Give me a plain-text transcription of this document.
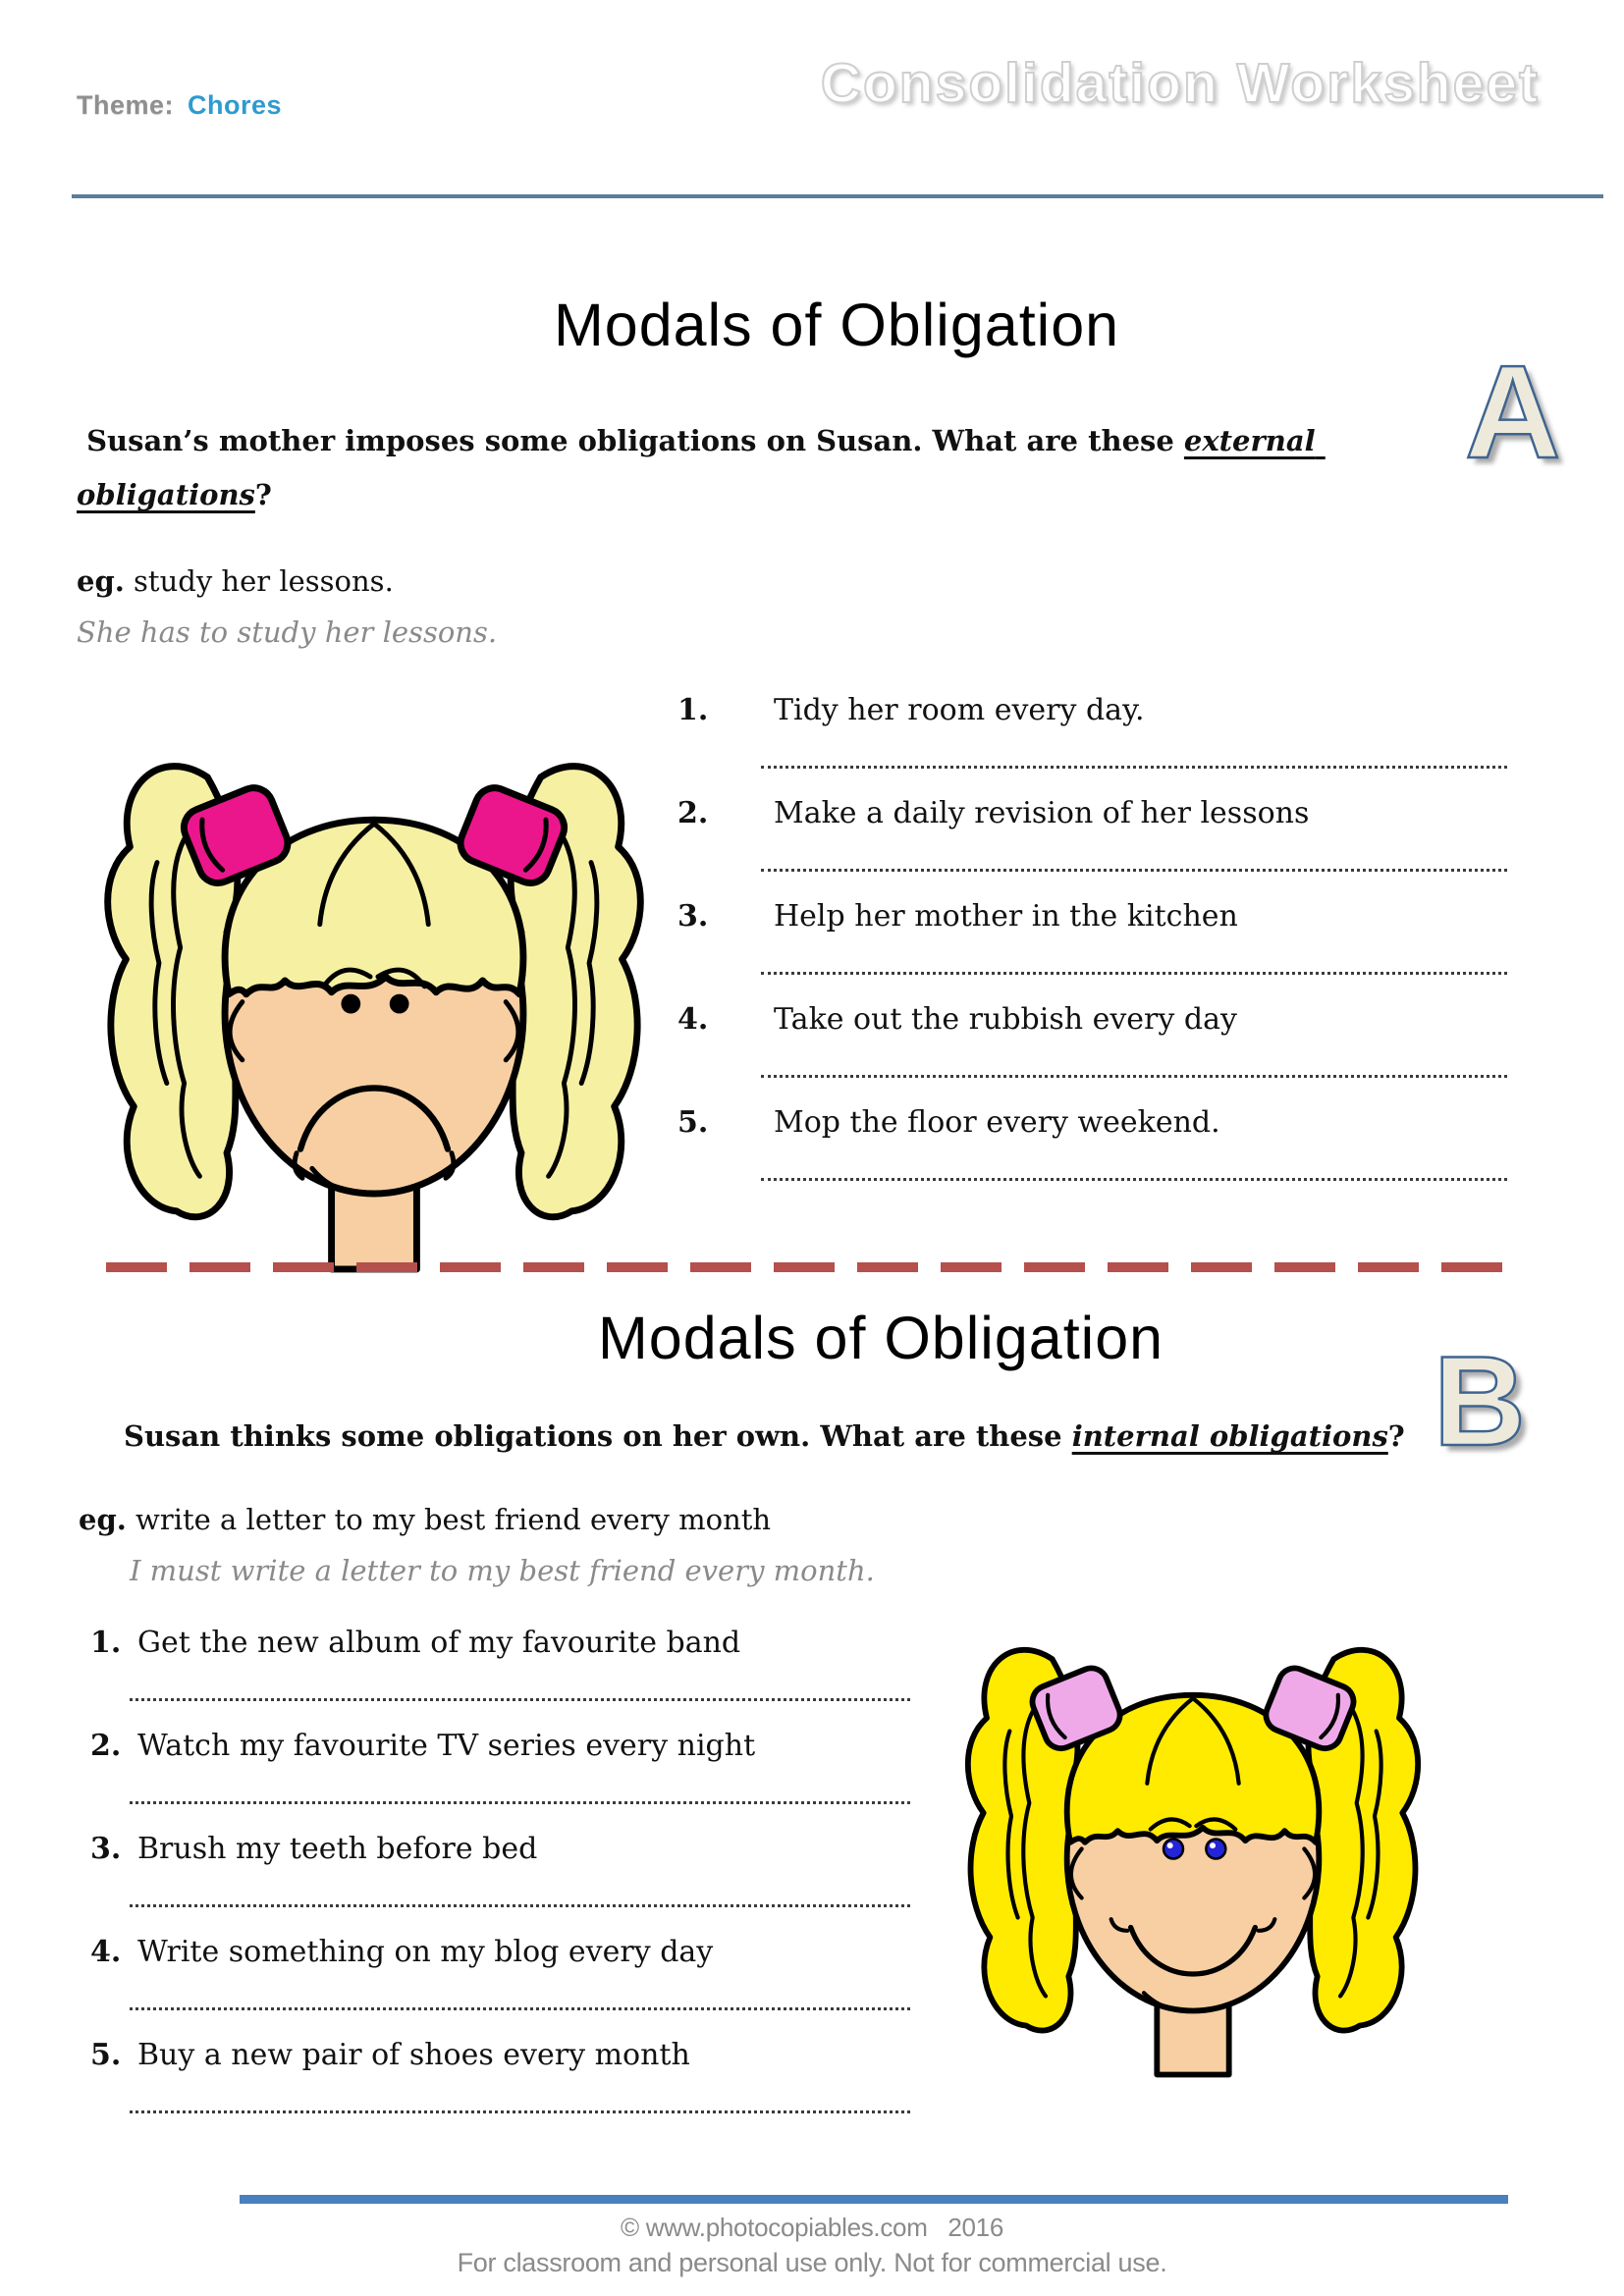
Theme: Chores	Consolidation Worksheet
Modals of Obligation
A
Susan’s mother imposes some obligations on Susan. What are these external obligations?
eg. study her lessons.
She has to study her lessons.
1.	Tidy her room every day.
2.	Make a daily revision of her lessons
3.	Help her mother in the kitchen
4.	Take out the rubbish every day
5.	Mop the floor every weekend.
Modals of Obligation	B
Susan thinks some obligations on her own. What are these internal obligations?
eg. write a letter to my best friend every month
I must write a letter to my best friend every month.
1. Get the new album of my favourite band
2. Watch my favourite TV series every night
3. Brush my teeth before bed
4. Write something on my blog every day
5. Buy a new pair of shoes every month
© www.photocopiables.com   2016
For classroom and personal use only. Not for commercial use.
